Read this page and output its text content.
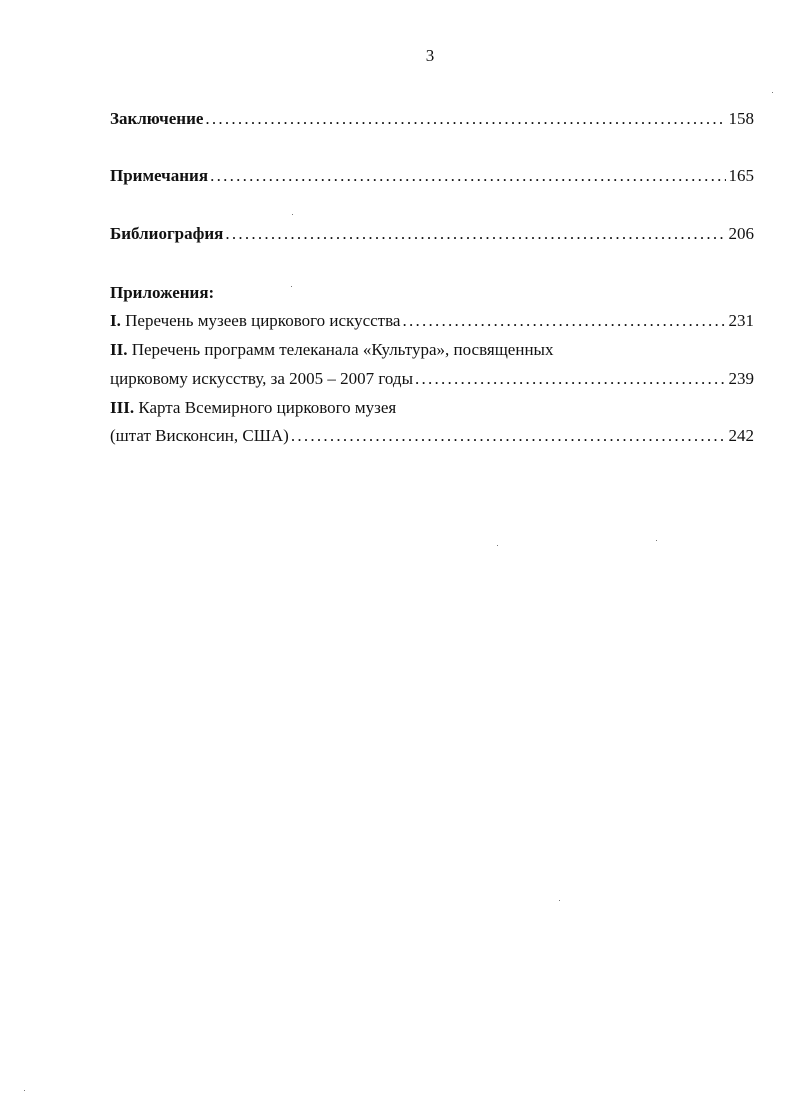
3
Заключение . . .	158
Примечания . . .	165
Библиография . . .	206
Приложения:
I. Перечень музеев циркового искусства . . .	231
II. Перечень программ телеканала «Культура», посвященных
цирковому искусству, за 2005 – 2007 годы . . .	239
III. Карта Всемирного циркового музея
(штат Висконсин, США) . . .	242
